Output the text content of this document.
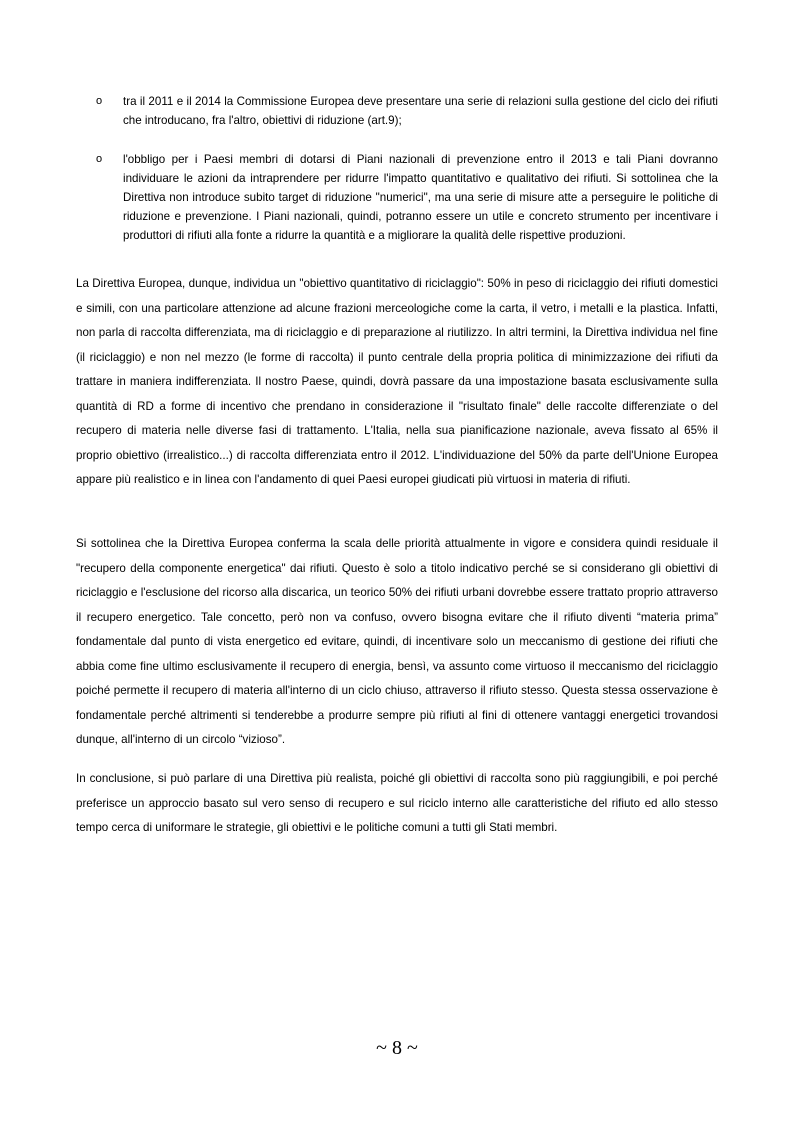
o tra il 2011 e il 2014 la Commissione Europea deve presentare una serie di relazioni sulla gestione del ciclo dei rifiuti che introducano, fra l'altro, obiettivi di riduzione (art.9);
o l'obbligo per i Paesi membri di dotarsi di Piani nazionali di prevenzione entro il 2013 e tali Piani dovranno individuare le azioni da intraprendere per ridurre l'impatto quantitativo e qualitativo dei rifiuti. Si sottolinea che la Direttiva non introduce subito target di riduzione "numerici", ma una serie di misure atte a perseguire le politiche di riduzione e prevenzione. I Piani nazionali, quindi, potranno essere un utile e concreto strumento per incentivare i produttori di rifiuti alla fonte a ridurre la quantità e a migliorare la qualità delle rispettive produzioni.

La Direttiva Europea, dunque, individua un "obiettivo quantitativo di riciclaggio": 50% in peso di riciclaggio dei rifiuti domestici e simili, con una particolare attenzione ad alcune frazioni merceologiche come la carta, il vetro, i metalli e la plastica. Infatti, non parla di raccolta differenziata, ma di riciclaggio e di preparazione al riutilizzo. In altri termini, la Direttiva individua nel fine (il riciclaggio) e non nel mezzo (le forme di raccolta) il punto centrale della propria politica di minimizzazione dei rifiuti da trattare in maniera indifferenziata. Il nostro Paese, quindi, dovrà passare da una impostazione basata esclusivamente sulla quantità di RD a forme di incentivo che prendano in considerazione il "risultato finale" delle raccolte differenziate o del recupero di materia nelle diverse fasi di trattamento. L'Italia, nella sua pianificazione nazionale, aveva fissato al 65% il proprio obiettivo (irrealistico...) di raccolta differenziata entro il 2012. L'individuazione del 50% da parte dell'Unione Europea appare più realistico e in linea con l'andamento di quei Paesi europei giudicati più virtuosi in materia di rifiuti.

Si sottolinea che la Direttiva Europea conferma la scala delle priorità attualmente in vigore e considera quindi residuale il "recupero della componente energetica" dai rifiuti. Questo è solo a titolo indicativo perché se si considerano gli obiettivi di riciclaggio e l'esclusione del ricorso alla discarica, un teorico 50% dei rifiuti urbani dovrebbe essere trattato proprio attraverso il recupero energetico. Tale concetto, però non va confuso, ovvero bisogna evitare che il rifiuto diventi “materia prima” fondamentale dal punto di vista energetico ed evitare, quindi, di incentivare solo un meccanismo di gestione dei rifiuti che abbia come fine ultimo esclusivamente il recupero di energia, bensì, va assunto come virtuoso il meccanismo del riciclaggio poiché permette il recupero di materia all'interno di un ciclo chiuso, attraverso il rifiuto stesso. Questa stessa osservazione è fondamentale perché altrimenti si tenderebbe a produrre sempre più rifiuti al fini di ottenere vantaggi energetici trovandosi dunque, all'interno di un circolo “vizioso”.

In conclusione, si può parlare di una Direttiva più realista, poiché gli obiettivi di raccolta sono più raggiungibili, e poi perché preferisce un approccio basato sul vero senso di recupero e sul riciclo interno alle caratteristiche del rifiuto ed allo stesso tempo cerca di uniformare le strategie, gli obiettivi e le politiche comuni a tutti gli Stati membri.

~ 8 ~
